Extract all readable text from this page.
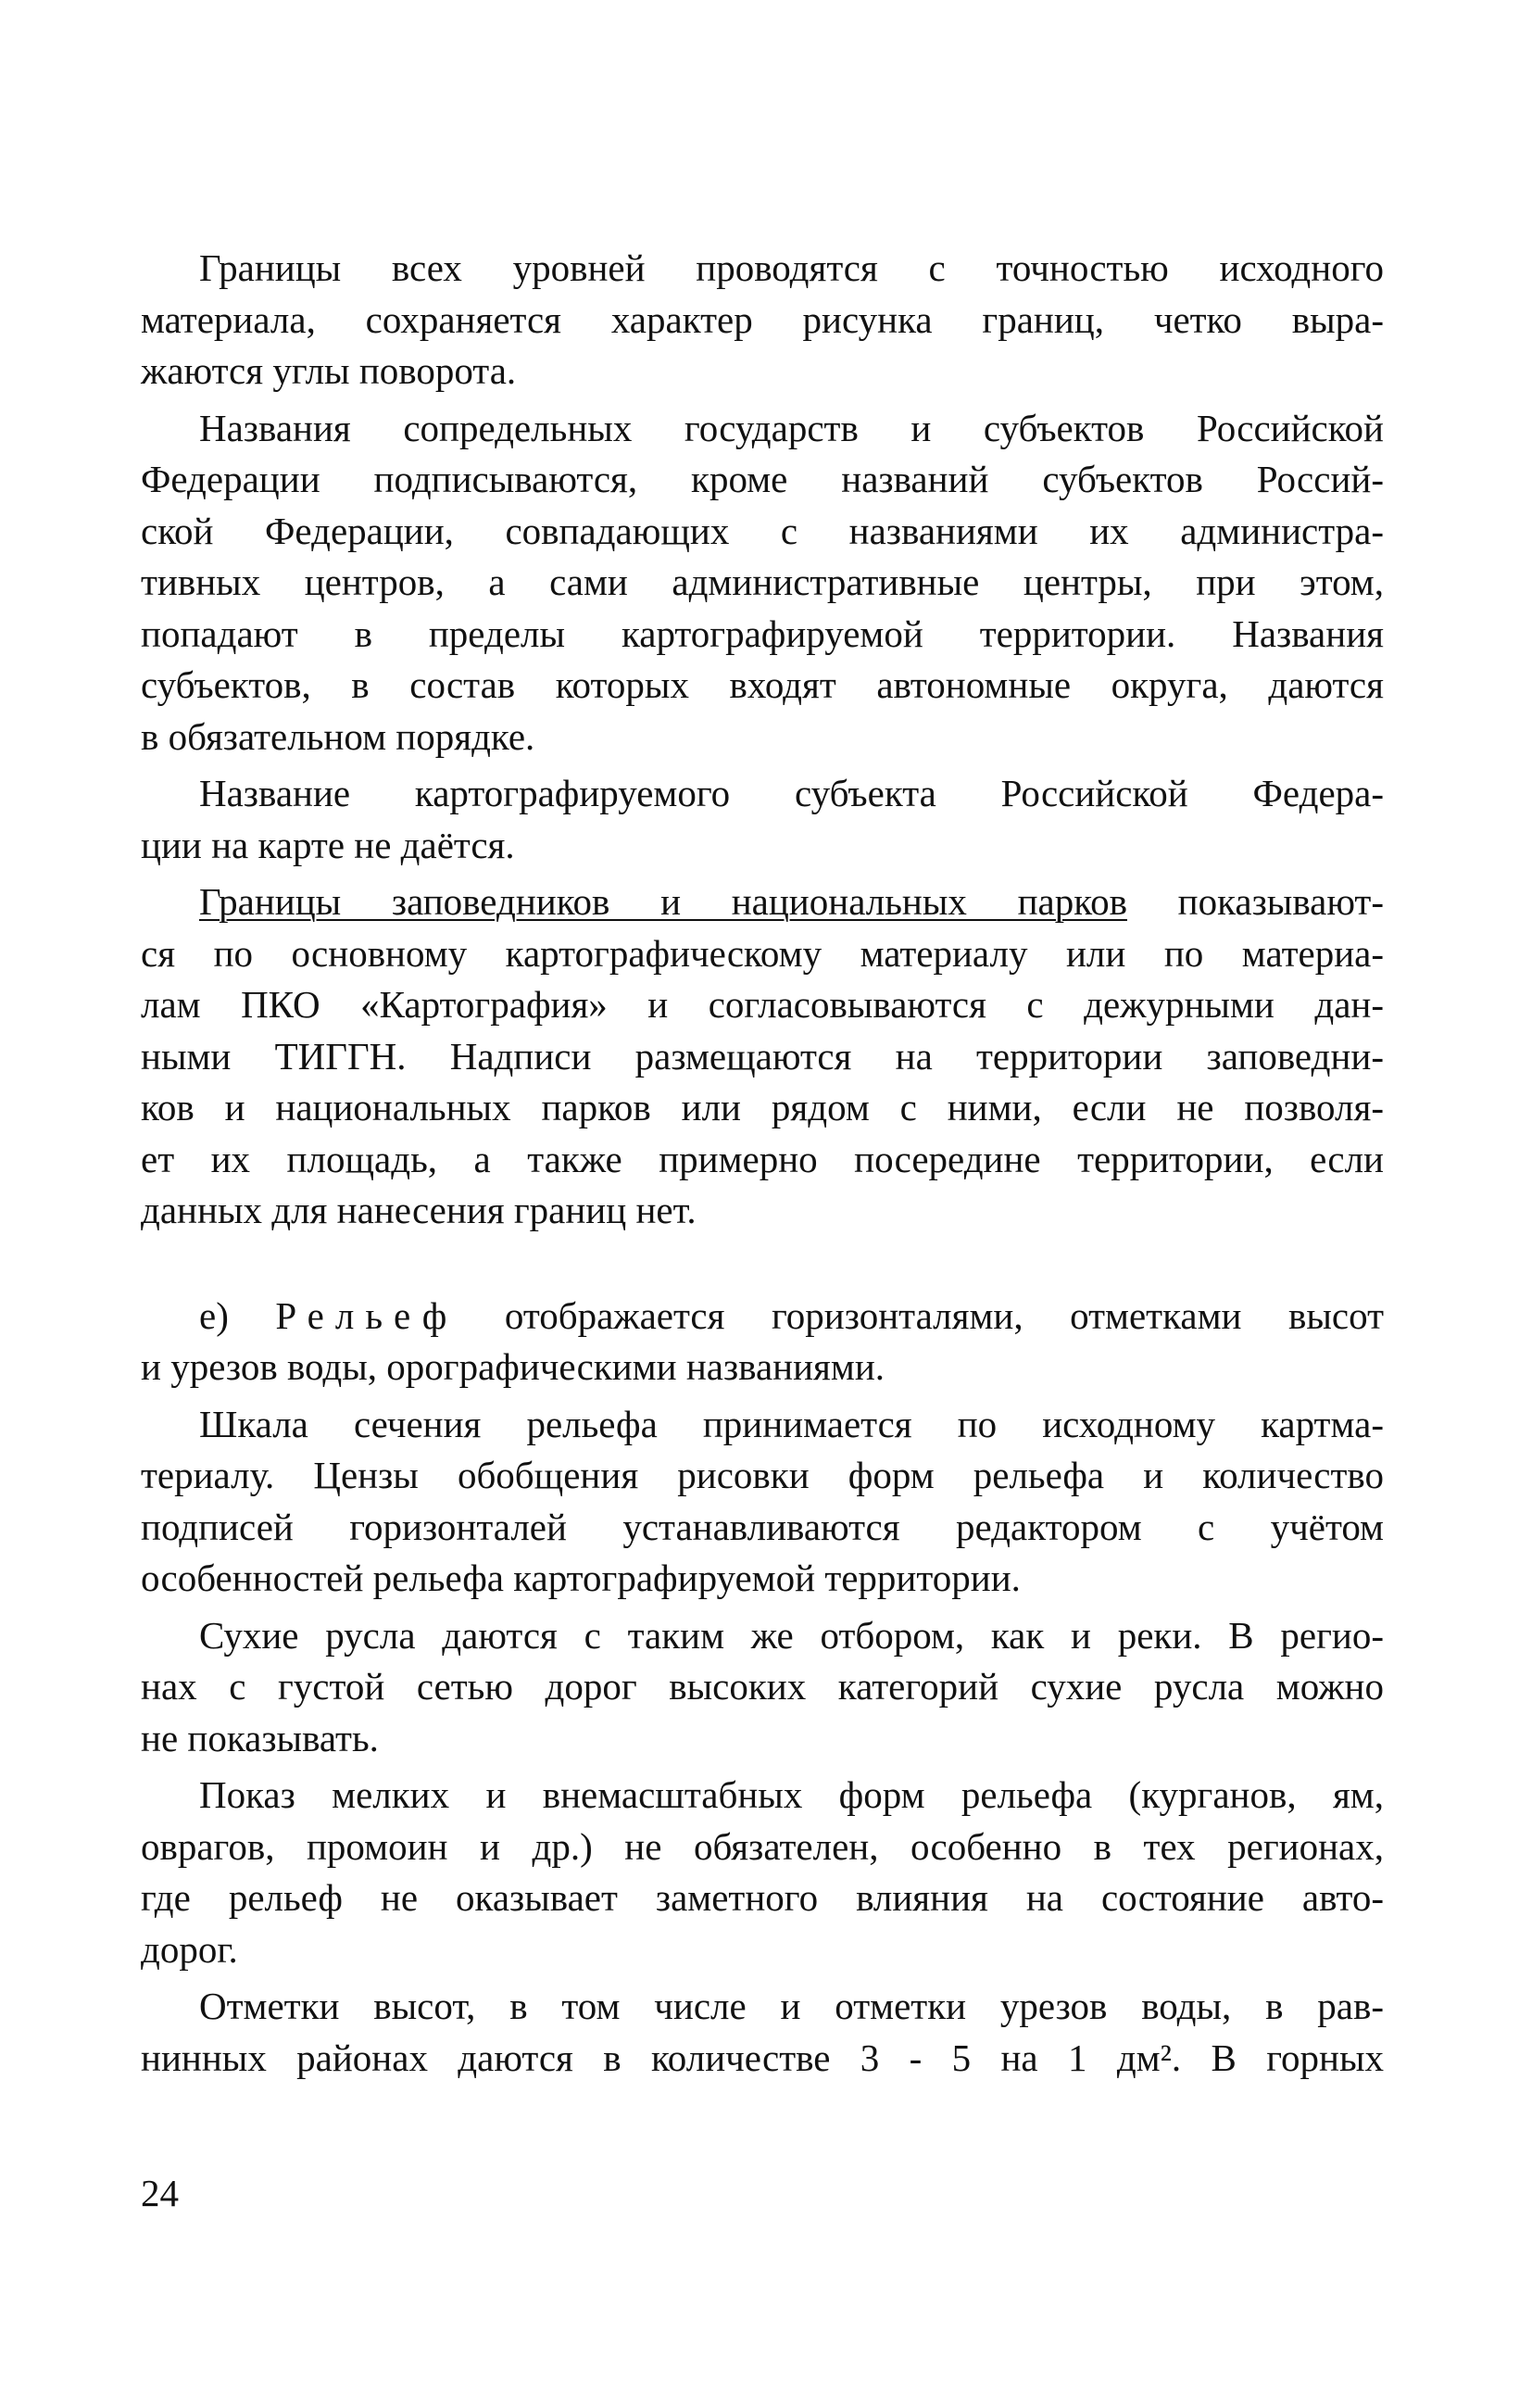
Границы всех уровней проводятся с точностью исходного
материала, сохраняется характер рисунка границ, четко выра-
жаются углы поворота.
Названия сопредельных государств и субъектов Российской
Федерации подписываются, кроме названий субъектов Россий-
ской Федерации, совпадающих с названиями их администра-
тивных центров, а сами административные центры, при этом,
попадают в пределы картографируемой территории. Названия
субъектов, в состав которых входят автономные округа, даются
в обязательном порядке.
Название картографируемого субъекта Российской Федера-
ции на карте не даётся.
Границы заповедников и национальных парков показывают-
ся по основному картографическому материалу или по материа-
лам ПКО «Картография» и согласовываются с дежурными дан-
ными ТИГГН. Надписи размещаются на территории заповедни-
ков и национальных парков или рядом с ними, если не позволя-
ет их площадь, а также примерно посередине территории, если
данных для нанесения границ нет.
е) Рельеф отображается горизонталями, отметками высот
и урезов воды, орографическими названиями.
Шкала сечения рельефа принимается по исходному картма-
териалу. Цензы обобщения рисовки форм рельефа и количество
подписей горизонталей устанавливаются редактором с учётом
особенностей рельефа картографируемой территории.
Сухие русла даются с таким же отбором, как и реки. В регио-
нах с густой сетью дорог высоких категорий сухие русла можно
не показывать.
Показ мелких и внемасштабных форм рельефа (курганов, ям,
оврагов, промоин и др.) не обязателен, особенно в тех регионах,
где рельеф не оказывает заметного влияния на состояние авто-
дорог.
Отметки высот, в том числе и отметки урезов воды, в рав-
нинных районах даются в количестве 3 - 5 на 1 дм². В горных
24
